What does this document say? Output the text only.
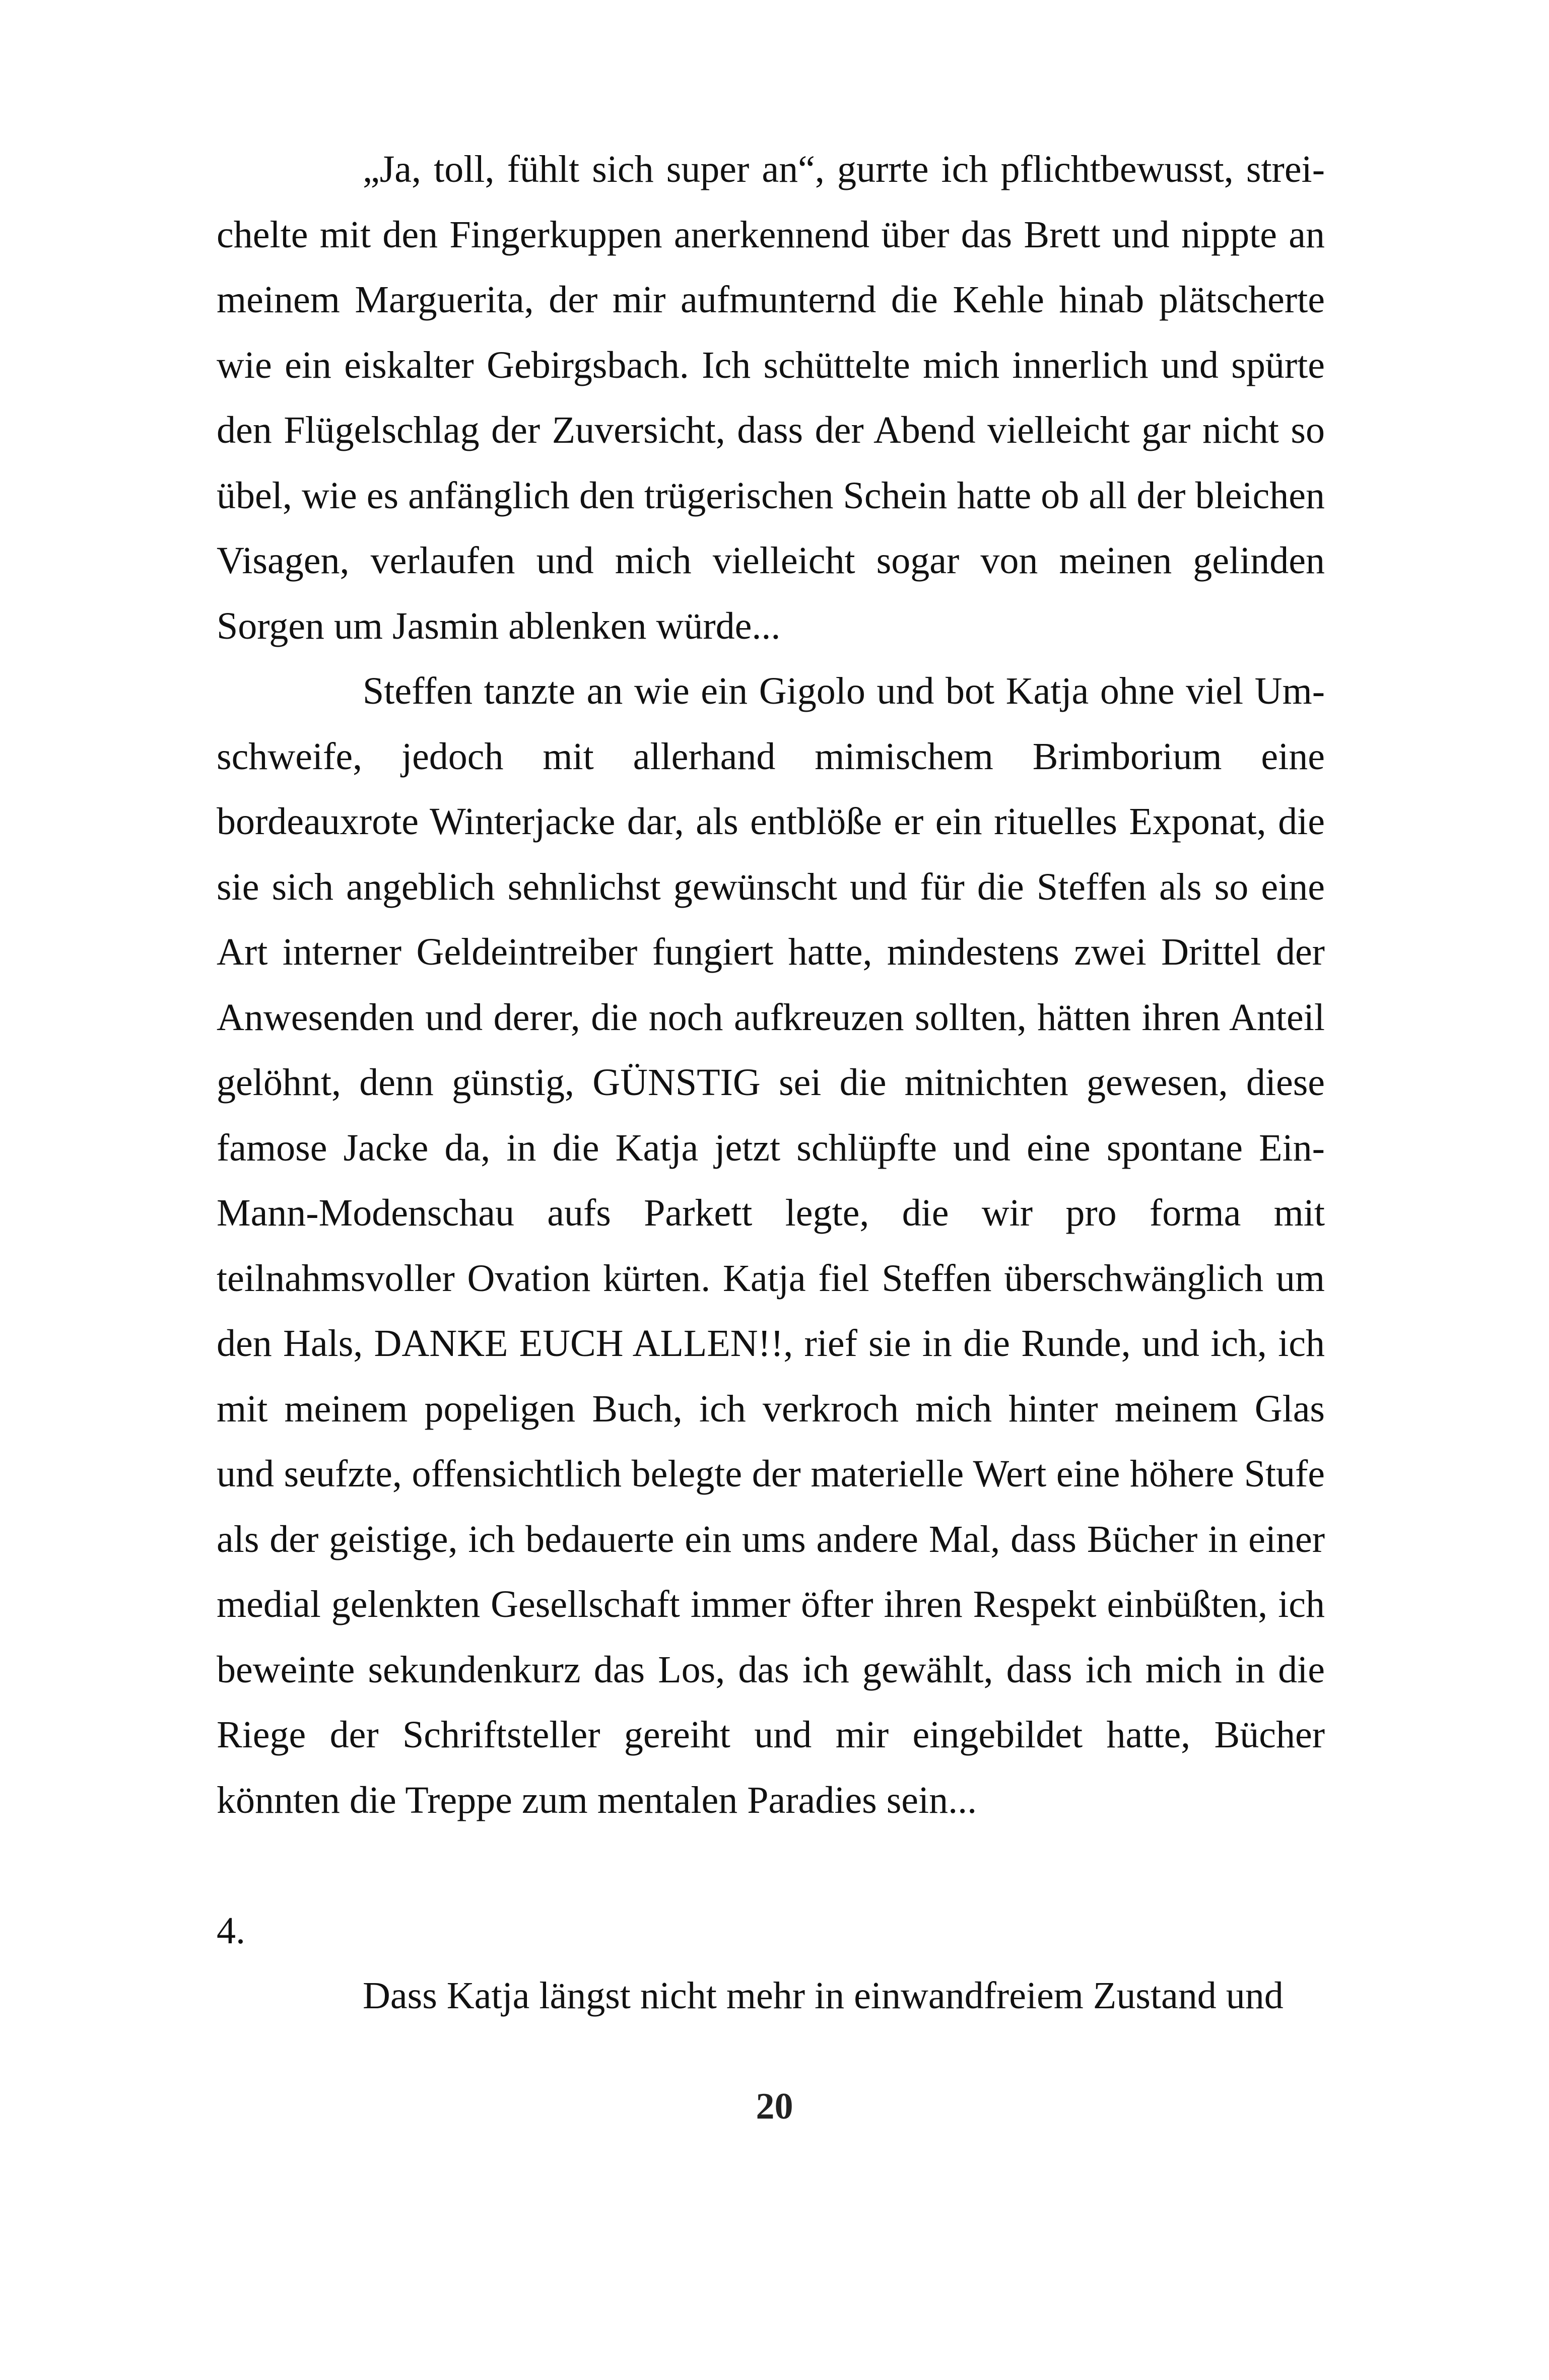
„Ja, toll, fühlt sich super an“, gurrte ich pflichtbewusst, streichelte mit den Fingerkuppen anerkennend über das Brett und nippte an meinem Marguerita, der mir aufmunternd die Kehle hinab plätscherte wie ein eiskalter Gebirgsbach. Ich schüttelte mich innerlich und spürte den Flügelschlag der Zuversicht, dass der Abend vielleicht gar nicht so übel, wie es anfänglich den trügerischen Schein hatte ob all der bleichen Visagen, verlaufen und mich vielleicht sogar von meinen gelinden Sorgen um Jasmin ablenken würde...

Steffen tanzte an wie ein Gigolo und bot Katja ohne viel Umschweife, jedoch mit allerhand mimischem Brimborium eine bordeauxrote Winterjacke dar, als entblöße er ein rituelles Exponat, die sie sich angeblich sehnlichst gewünscht und für die Steffen als so eine Art interner Geldeintreiber fungiert hatte, mindestens zwei Drittel der Anwesenden und derer, die noch aufkreuzen sollten, hätten ihren Anteil gelöhnt, denn günstig, GÜNSTIG sei die mitnichten gewesen, diese famose Jacke da, in die Katja jetzt schlüpfte und eine spontane Ein-Mann-Modenschau aufs Parkett legte, die wir pro forma mit teilnahmsvoller Ovation kürten. Katja fiel Steffen überschwänglich um den Hals, DANKE EUCH ALLEN!!, rief sie in die Runde, und ich, ich mit meinem popeligen Buch, ich verkroch mich hinter meinem Glas und seufzte, offensichtlich belegte der materielle Wert eine höhere Stufe als der geistige, ich bedauerte ein ums andere Mal, dass Bücher in einer medial gelenkten Gesellschaft immer öfter ihren Respekt einbüßten, ich beweinte sekundenkurz das Los, das ich gewählt, dass ich mich in die Riege der Schriftsteller gereiht und mir eingebildet hatte, Bücher könnten die Treppe zum mentalen Paradies sein...

4.

Dass Katja längst nicht mehr in einwandfreiem Zustand und

20
